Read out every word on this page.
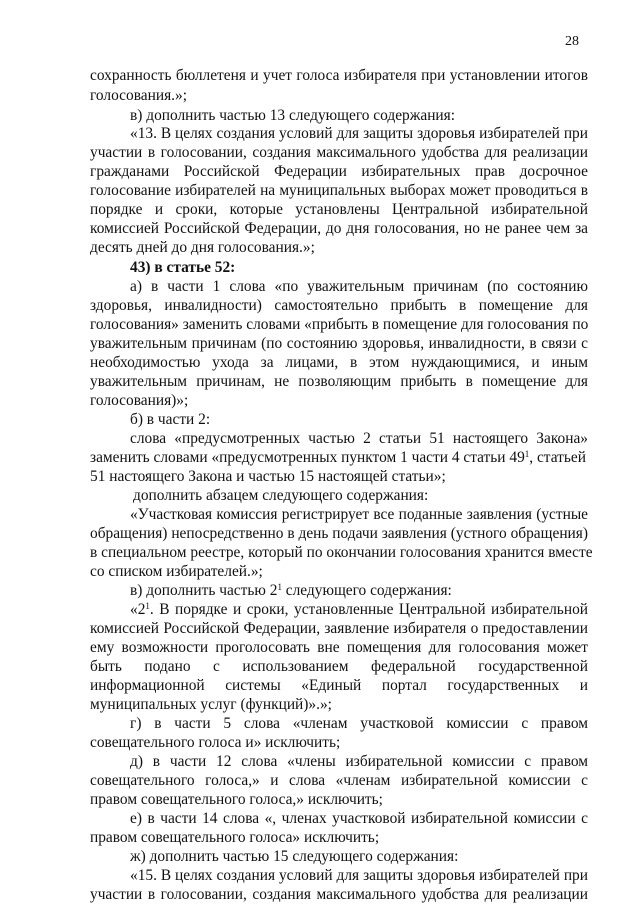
28
сохранность бюллетеня и учет голоса избирателя при установлении итогов
голосования.»;
в) дополнить частью 13 следующего содержания:
«13. В целях создания условий для защиты здоровья избирателей при
участии в голосовании, создания максимального удобства для реализации
гражданами Российской Федерации избирательных прав досрочное
голосование избирателей на муниципальных выборах может проводиться в
порядке и сроки, которые установлены Центральной избирательной
комиссией Российской Федерации, до дня голосования, но не ранее чем за
десять дней до дня голосования.»;
43) в статье 52:
а) в части 1 слова «по уважительным причинам (по состоянию
здоровья, инвалидности) самостоятельно прибыть в помещение для
голосования» заменить словами «прибыть в помещение для голосования по
уважительным причинам (по состоянию здоровья, инвалидности, в связи с
необходимостью ухода за лицами, в этом нуждающимися, и иным
уважительным причинам, не позволяющим прибыть в помещение для
голосования)»;
б) в части 2:
слова «предусмотренных частью 2 статьи 51 настоящего Закона»
заменить словами «предусмотренных пунктом 1 части 4 статьи $49^1$, статьей
51 настоящего Закона и частью 15 настоящей статьи»;
дополнить абзацем следующего содержания:
«Участковая комиссия регистрирует все поданные заявления (устные
обращения) непосредственно в день подачи заявления (устного обращения)
в специальном реестре, который по окончании голосования хранится вместе
со списком избирателей.»;
в) дополнить частью $2^1$ следующего содержания:
«$2^1$. В порядке и сроки, установленные Центральной избирательной
комиссией Российской Федерации, заявление избирателя о предоставлении
ему возможности проголосовать вне помещения для голосования может
быть подано с использованием федеральной государственной
информационной системы «Единый портал государственных и
муниципальных услуг (функций)».»;
г) в части 5 слова «членам участковой комиссии с правом
совещательного голоса и» исключить;
д) в части 12 слова «члены избирательной комиссии с правом
совещательного голоса,» и слова «членам избирательной комиссии с
правом совещательного голоса,» исключить;
е) в части 14 слова «, членах участковой избирательной комиссии с
правом совещательного голоса» исключить;
ж) дополнить частью 15 следующего содержания:
«15. В целях создания условий для защиты здоровья избирателей при
участии в голосовании, создания максимального удобства для реализации
